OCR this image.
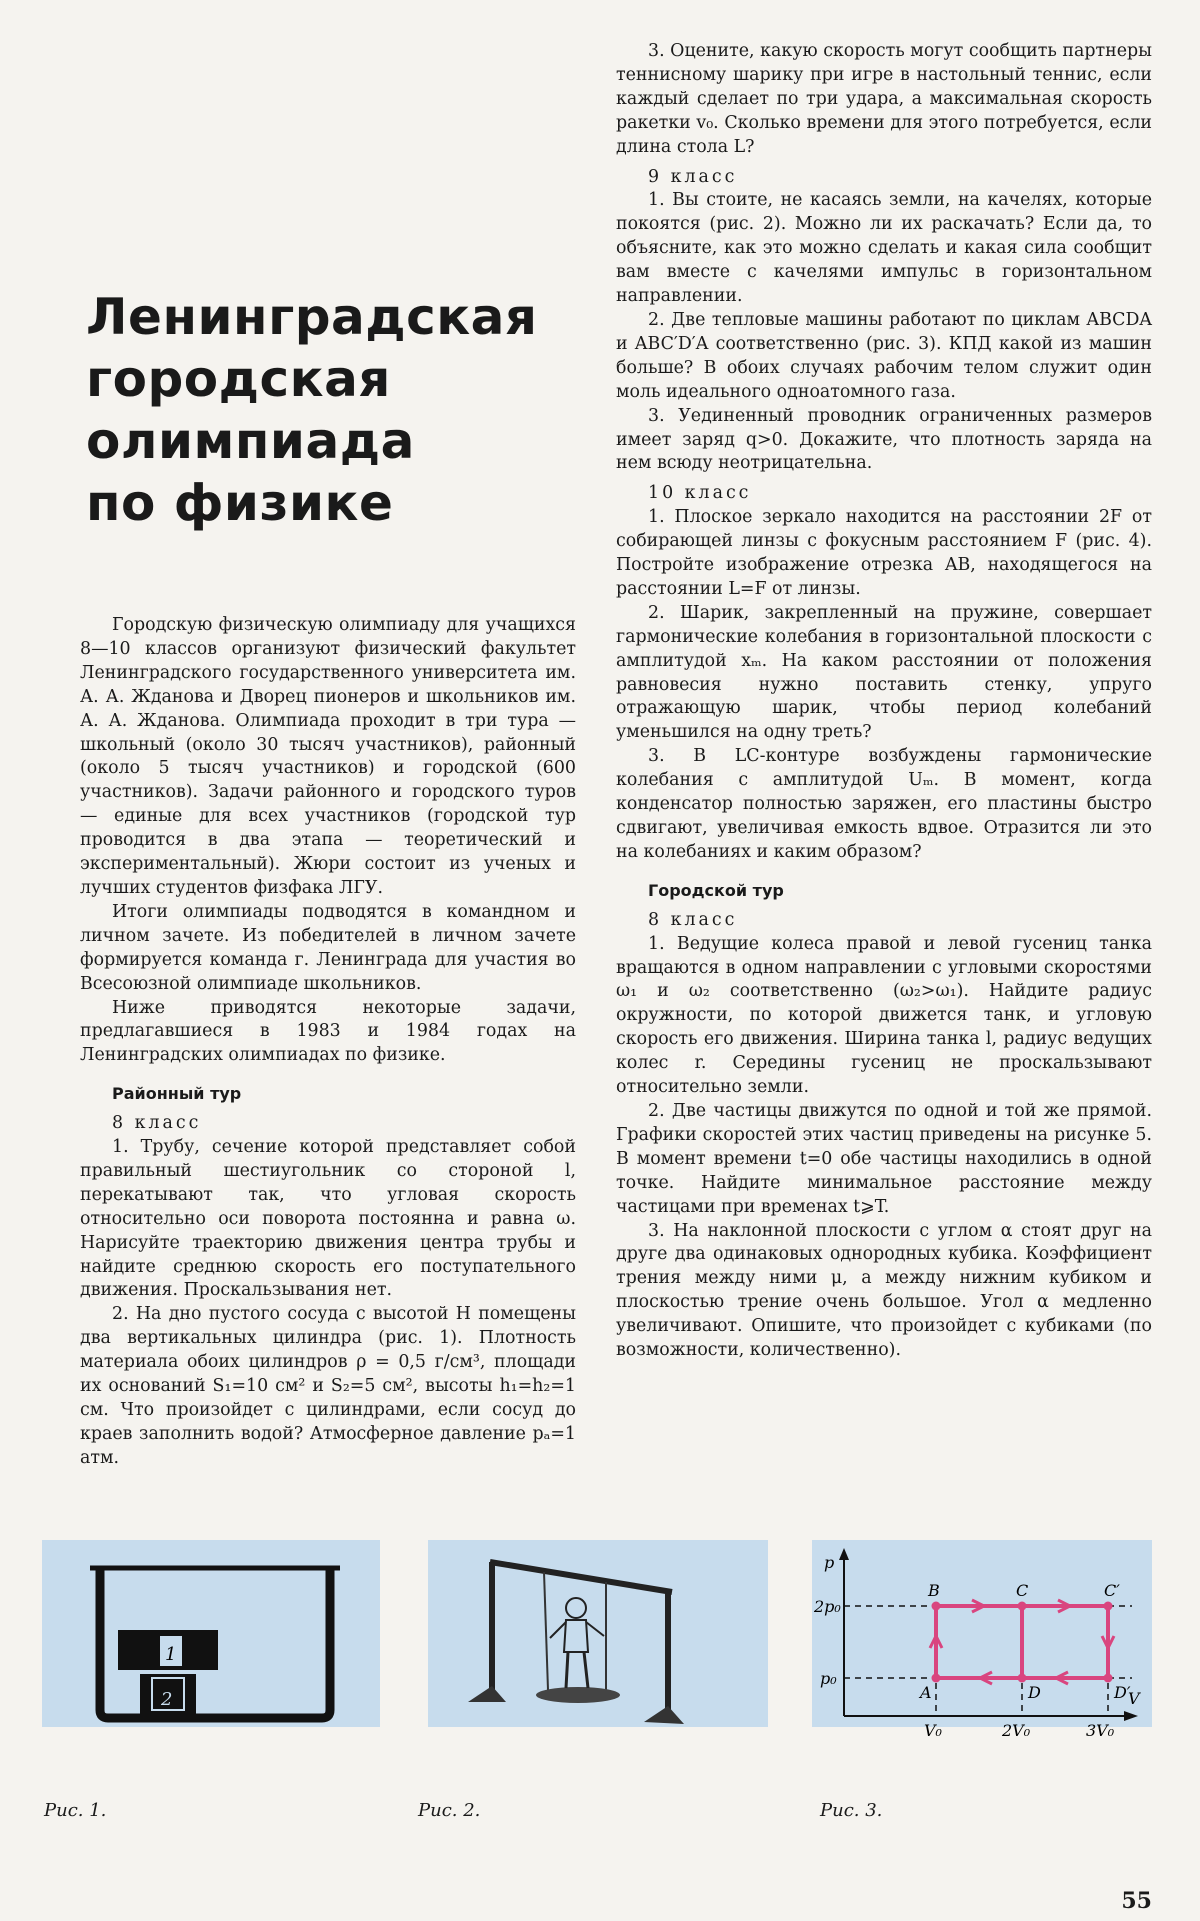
Ленинградская
городская
олимпиада
по физике

Городскую физическую олимпиаду для учащихся 8—10 классов организуют физический факультет Ленинградского государственного университета им. А. А. Жданова и Дворец пионеров и школьников им. А. А. Жданова. Олимпиада проходит в три тура — школьный (около 30 тысяч участников), районный (около 5 тысяч участников) и городской (600 участников). Задачи районного и городского туров — единые для всех участников (городской тур проводится в два этапа — теоретический и экспериментальный). Жюри состоит из ученых и лучших студентов физфака ЛГУ.

Итоги олимпиады подводятся в командном и личном зачете. Из победителей в личном зачете формируется команда г. Ленинграда для участия во Всесоюзной олимпиаде школьников.

Ниже приводятся некоторые задачи, предлагавшиеся в 1983 и 1984 годах на Ленинградских олимпиадах по физике.

Районный тур

8 класс

1. Трубу, сечение которой представляет собой правильный шестиугольник со стороной l, перекатывают так, что угловая скорость относительно оси поворота постоянна и равна ω. Нарисуйте траекторию движения центра трубы и найдите среднюю скорость его поступательного движения. Проскальзывания нет.

2. На дно пустого сосуда с высотой H помещены два вертикальных цилиндра (рис. 1). Плотность материала обоих цилиндров ρ = 0,5 г/см³, площади их оснований S₁=10 см² и S₂=5 см², высоты h₁=h₂=1 см. Что произойдет с цилиндрами, если сосуд до краев заполнить водой? Атмосферное давление pₐ=1 атм.

3. Оцените, какую скорость могут сообщить партнеры теннисному шарику при игре в настольный теннис, если каждый сделает по три удара, а максимальная скорость ракетки v₀. Сколько времени для этого потребуется, если длина стола L?

9 класс

1. Вы стоите, не касаясь земли, на качелях, которые покоятся (рис. 2). Можно ли их раскачать? Если да, то объясните, как это можно сделать и какая сила сообщит вам вместе с качелями импульс в горизонтальном направлении.

2. Две тепловые машины работают по циклам ABCDA и ABC′D′A соответственно (рис. 3). КПД какой из машин больше? В обоих случаях рабочим телом служит один моль идеального одноатомного газа.

3. Уединенный проводник ограниченных размеров имеет заряд q>0. Докажите, что плотность заряда на нем всюду неотрицательна.

10 класс

1. Плоское зеркало находится на расстоянии 2F от собирающей линзы с фокусным расстоянием F (рис. 4). Постройте изображение отрезка AB, находящегося на расстоянии L=F от линзы.

2. Шарик, закрепленный на пружине, совершает гармонические колебания в горизонтальной плоскости с амплитудой xₘ. На каком расстоянии от положения равновесия нужно поставить стенку, упруго отражающую шарик, чтобы период колебаний уменьшился на одну треть?

3. В LC-контуре возбуждены гармонические колебания с амплитудой Uₘ. В момент, когда конденсатор полностью заряжен, его пластины быстро сдвигают, увеличивая емкость вдвое. Отразится ли это на колебаниях и каким образом?

Городской тур

8 класс

1. Ведущие колеса правой и левой гусениц танка вращаются в одном направлении с угловыми скоростями ω₁ и ω₂ соответственно (ω₂>ω₁). Найдите радиус окружности, по которой движется танк, и угловую скорость его движения. Ширина танка l, радиус ведущих колес r. Середины гусениц не проскальзывают относительно земли.

2. Две частицы движутся по одной и той же прямой. Графики скоростей этих частиц приведены на рисунке 5. В момент времени t=0 обе частицы находились в одной точке. Найдите минимальное расстояние между частицами при временах t⩾T.

3. На наклонной плоскости с углом α стоят друг на друге два одинаковых однородных кубика. Коэффициент трения между ними μ, а между нижним кубиком и плоскостью трение очень большое. Угол α медленно увеличивают. Опишите, что произойдет с кубиками (по возможности, количественно).

1
2
p
V
2p₀
p₀
V₀	2V₀	3V₀
A
B	C	C′
D	D′
Рис. 1.	Рис. 2.	Рис. 3.
55
